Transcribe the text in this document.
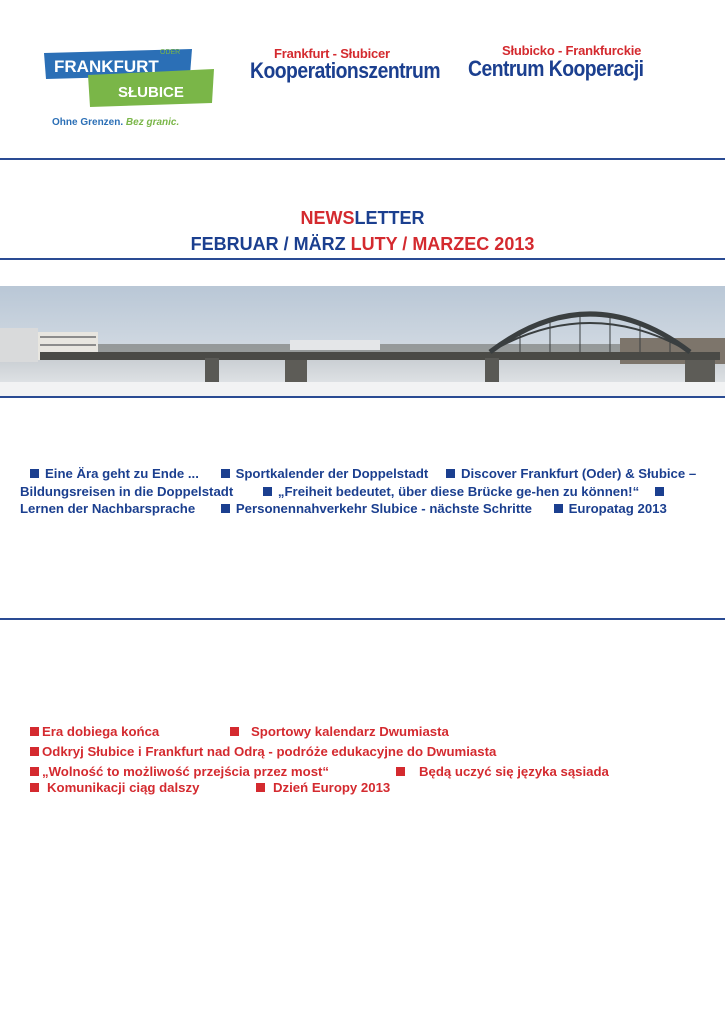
ODER
FRANKFURT
SŁUBICE
Ohne Grenzen. Bez granic.
Frankfurt - Słubicer
Kooperationszentrum
Słubicko - Frankfurckie
Centrum Kooperacji
NEWSLETTER
FEBRUAR / MÄRZ LUTY / MARZEC 2013
Eine Ära geht zu Ende ...	Sportkalender der Doppelstadt Discover Frankfurt (Oder) & Słubice – Bildungsreisen in die Doppelstadt	„Freiheit bedeutet, über diese Brücke ge-hen zu können!“ Lernen der Nachbarsprache	Personennahverkehr Slubice - nächste Schritte	Europatag 2013
Era dobiega końca	Sportowy kalendarz Dwumiasta
Odkryj Słubice i Frankfurt nad Odrą - podróże edukacyjne do Dwumiasta
„Wolność to możliwość przejścia przez most“	Będą uczyć się języka sąsiada
Komunikacji ciąg dalszy	Dzień Europy 2013
